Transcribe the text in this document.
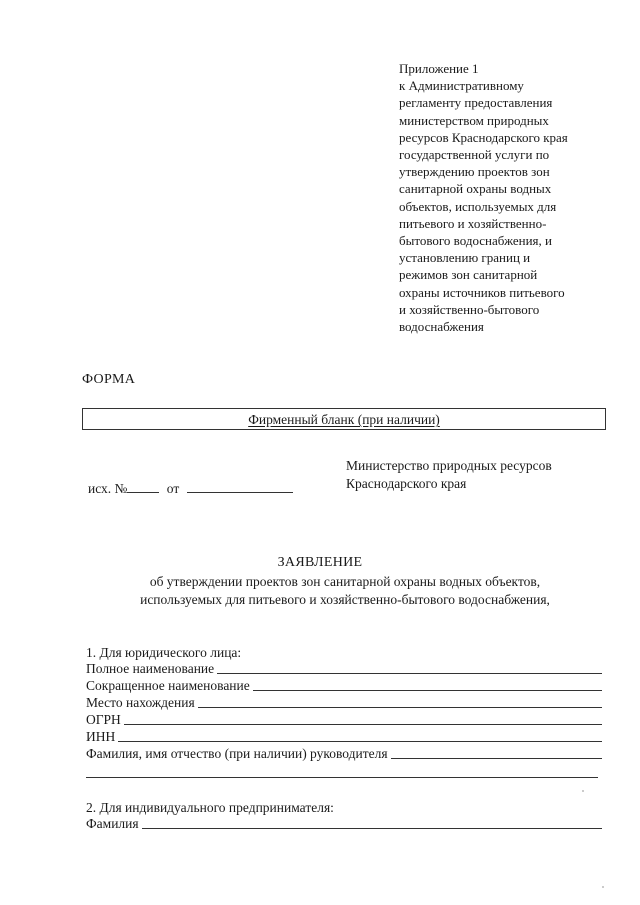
Приложение 1
к Административному
регламенту предоставления
министерством природных
ресурсов Краснодарского края
государственной услуги по
утверждению проектов зон
санитарной охраны водных
объектов, используемых для
питьевого и хозяйственно-
бытового водоснабжения, и
установлению границ и
режимов зон санитарной
охраны источников питьевого
и хозяйственно-бытового
водоснабжения
ФОРМА
Фирменный бланк (при наличии)
исх. №	от
Министерство природных ресурсов
Краснодарского края
ЗАЯВЛЕНИЕ
об утверждении проектов зон санитарной охраны водных объектов,
используемых для питьевого и хозяйственно-бытового водоснабжения,
1. Для юридического лица:
Полное наименование
Сокращенное наименование
Место нахождения
ОГРН
ИНН
Фамилия, имя отчество (при наличии) руководителя
2. Для индивидуального предпринимателя:
Фамилия
